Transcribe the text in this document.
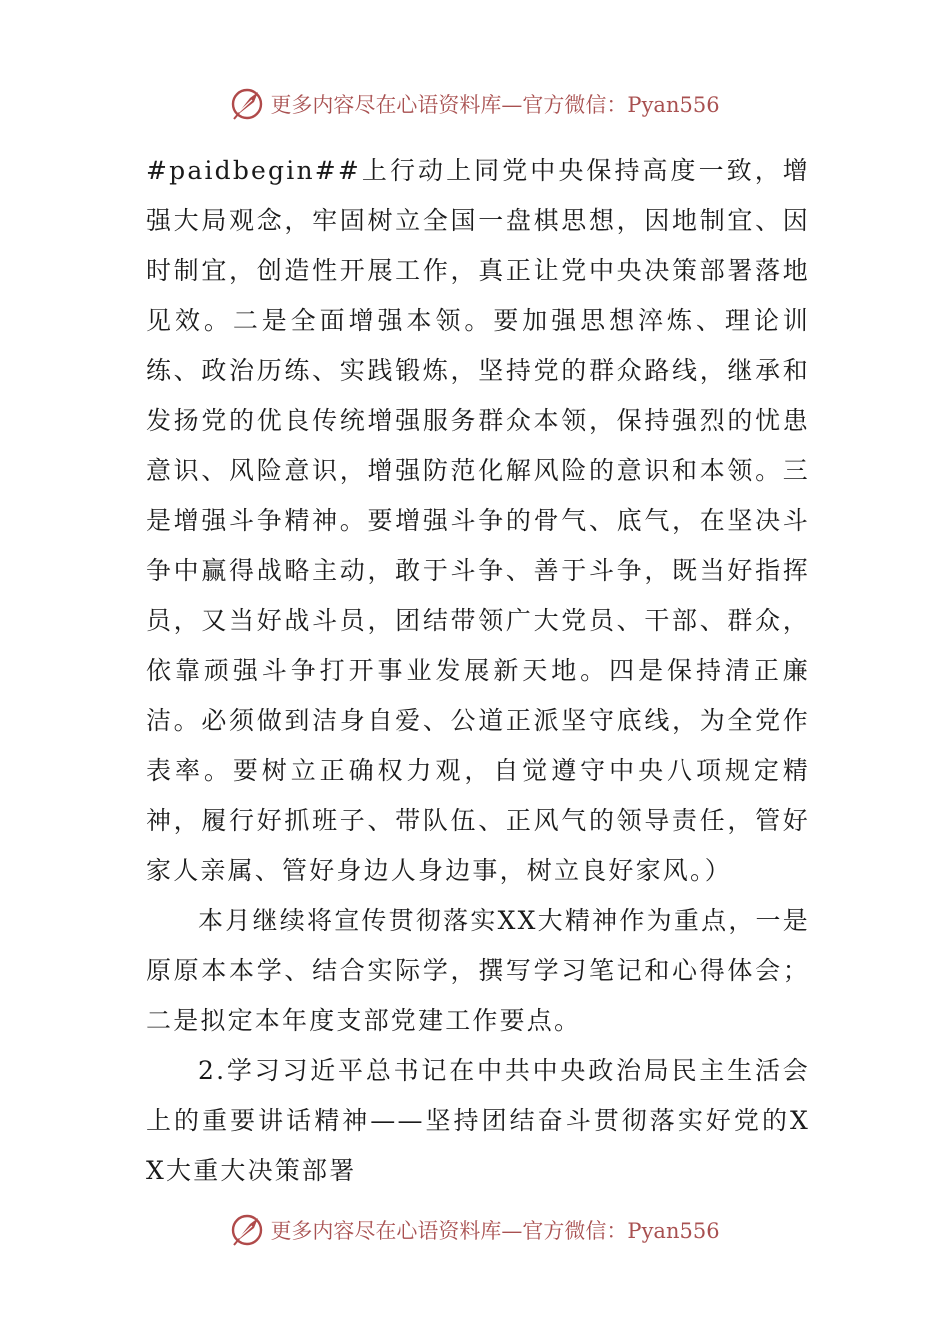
更多内容尽在心语资料库—官方微信：Pyan556

#paidbegin##上行动上同党中央保持高度一致，增强大局观念，牢固树立全国一盘棋思想，因地制宜、因时制宜，创造性开展工作，真正让党中央决策部署落地见效。二是全面增强本领。要加强思想淬炼、理论训练、政治历练、实践锻炼，坚持党的群众路线，继承和发扬党的优良传统增强服务群众本领，保持强烈的忧患意识、风险意识，增强防范化解风险的意识和本领。三是增强斗争精神。要增强斗争的骨气、底气，在坚决斗争中赢得战略主动，敢于斗争、善于斗争，既当好指挥员，又当好战斗员，团结带领广大党员、干部、群众，依靠顽强斗争打开事业发展新天地。四是保持清正廉洁。必须做到洁身自爱、公道正派坚守底线，为全党作表率。要树立正确权力观，自觉遵守中央八项规定精神，履行好抓班子、带队伍、正风气的领导责任，管好家人亲属、管好身边人身边事，树立良好家风。）

本月继续将宣传贯彻落实XX大精神作为重点，一是原原本本学、结合实际学，撰写学习笔记和心得体会；二是拟定本年度支部党建工作要点。

2.学习习近平总书记在中共中央政治局民主生活会上的重要讲话精神——坚持团结奋斗贯彻落实好党的XX大重大决策部署

更多内容尽在心语资料库—官方微信：Pyan556
